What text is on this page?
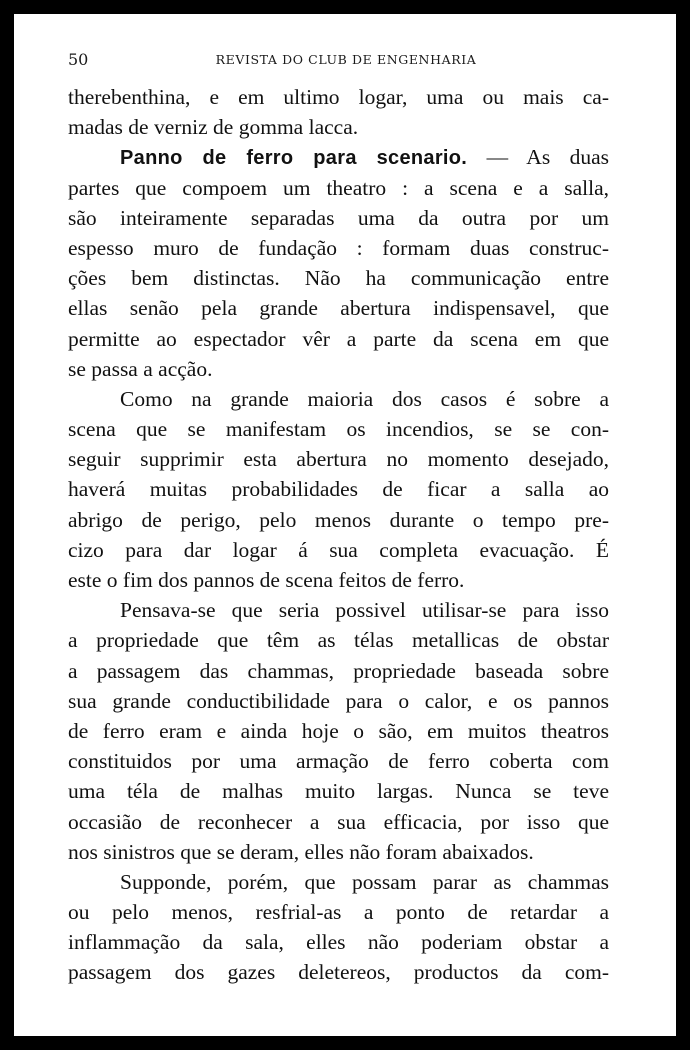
50	REVISTA DO CLUB DE ENGENHARIA
therebenthina, e em ultimo logar, uma ou mais ca-
madas de verniz de gomma lacca.
Panno de ferro para scenario. — As duas
partes que compoem um theatro : a scena e a salla,
são inteiramente separadas uma da outra por um
espesso muro de fundação : formam duas construc-
ções bem distinctas. Não ha communicação entre
ellas senão pela grande abertura indispensavel, que
permitte ao espectador vêr a parte da scena em que
se passa a acção.
Como na grande maioria dos casos é sobre a
scena que se manifestam os incendios, se se con-
seguir supprimir esta abertura no momento desejado,
haverá muitas probabilidades de ficar a salla ao
abrigo de perigo, pelo menos durante o tempo pre-
cizo para dar logar á sua completa evacuação. É
este o fim dos pannos de scena feitos de ferro.
Pensava-se que seria possivel utilisar-se para isso
a propriedade que têm as télas metallicas de obstar
a passagem das chammas, propriedade baseada sobre
sua grande conductibilidade para o calor, e os pannos
de ferro eram e ainda hoje o são, em muitos theatros
constituidos por uma armação de ferro coberta com
uma téla de malhas muito largas. Nunca se teve
occasião de reconhecer a sua efficacia, por isso que
nos sinistros que se deram, elles não foram abaixados.
Supponde, porém, que possam parar as chammas
ou pelo menos, resfrial-as a ponto de retardar a
inflammação da sala, elles não poderiam obstar a
passagem dos gazes deletereos, productos da com-
